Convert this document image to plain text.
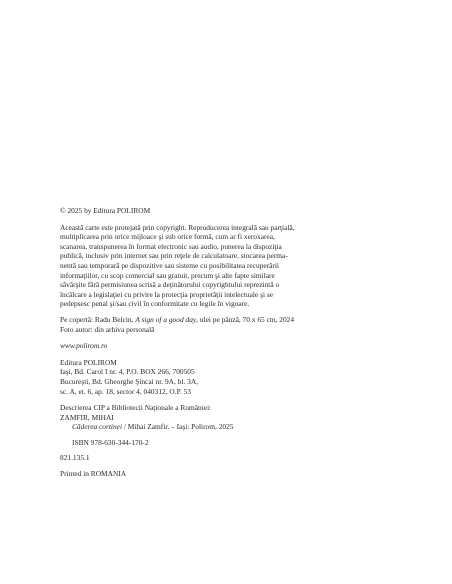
© 2025 by Editura POLIROM

Această carte este protejată prin copyright. Reproducerea integrală sau parţială,
multiplicarea prin orice mijloace şi sub orice formă, cum ar fi xeroxarea,
scanarea, transpunerea în format electronic sau audio, punerea la dispoziţia
publică, inclusiv prin internet sau prin reţele de calculatoare, stocarea perma-
nentă sau temporară pe dispozitive sau sisteme cu posibilitatea recuperării
informaţiilor, cu scop comercial sau gratuit, precum şi alte fapte similare
săvârşite fără permisiunea scrisă a deţinătorului copyrightului reprezintă o
încălcare a legislaţiei cu privire la protecţia proprietăţii intelectuale şi se
pedepsesc penal şi/sau civil în conformitate cu legile în vigoare.

Pe copertă: Radu Belcin, A sign of a good day, ulei pe pânză, 70 x 65 cm, 2024

Foto autor: din arhiva personală

www.polirom.ro

Editura POLIROM
Iaşi, Bd. Carol I nr. 4, P.O. BOX 266, 700505
Bucureşti, Bd. Gheorghe Şincai nr. 9A, bl. 3A,
sc. A, et. 6, ap. 18, sector 4, 040312, O.P. 53
Descrierea CIP a Bibliotecii Naţionale a României:
ZAMFIR, MIHAI
Căderea cortinei / Mihai Zamfir. – Iaşi: Polirom, 2025
ISBN 978-630-344-170-2
821.135.1

Printed in ROMANIA
